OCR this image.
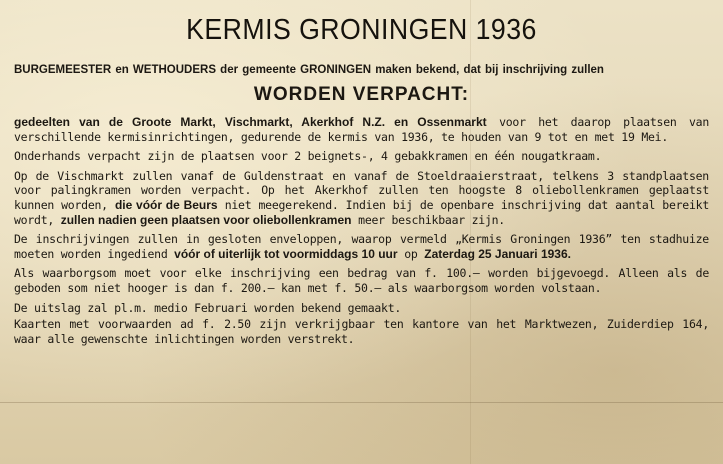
KERMIS GRONINGEN 1936
BURGEMEESTER en WETHOUDERS der gemeente GRONINGEN maken bekend, dat bij inschrijving zullen
WORDEN VERPACHT:

gedeelten van de Groote Markt, Vischmarkt, Akerkhof N.Z. en Ossenmarkt voor het daarop plaatsen van verschillende kermisinrichtingen, gedurende de kermis van 1936, te houden van 9 tot en met 19 Mei.

Onderhands verpacht zijn de plaatsen voor 2 beignets-, 4 gebakkramen en één nougatkraam.

Op de Vischmarkt zullen vanaf de Guldenstraat en vanaf de Stoeldraaierstraat, telkens 3 standplaatsen voor palingkramen worden verpacht. Op het Akerkhof zullen ten hoogste 8 oliebollenkramen geplaatst kunnen worden, die vóór de Beurs niet meegerekend. Indien bij de openbare inschrijving dat aantal bereikt wordt, zullen nadien geen plaatsen voor oliebollenkramen meer beschikbaar zijn.

De inschrijvingen zullen in gesloten enveloppen, waarop vermeld „Kermis Groningen 1936” ten stadhuize moeten worden ingediend vóór of uiterlijk tot voormiddags 10 uur op Zaterdag 25 Januari 1936.

Als waarborgsom moet voor elke inschrijving een bedrag van f. 100.— worden bijgevoegd. Alleen als de geboden som niet hooger is dan f. 200.— kan met f. 50.— als waarborgsom worden volstaan.

De uitslag zal pl.m. medio Februari worden bekend gemaakt.

Kaarten met voorwaarden ad f. 2.50 zijn verkrijgbaar ten kantore van het Marktwezen, Zuiderdiep 164, waar alle gewenschte inlichtingen worden verstrekt.
